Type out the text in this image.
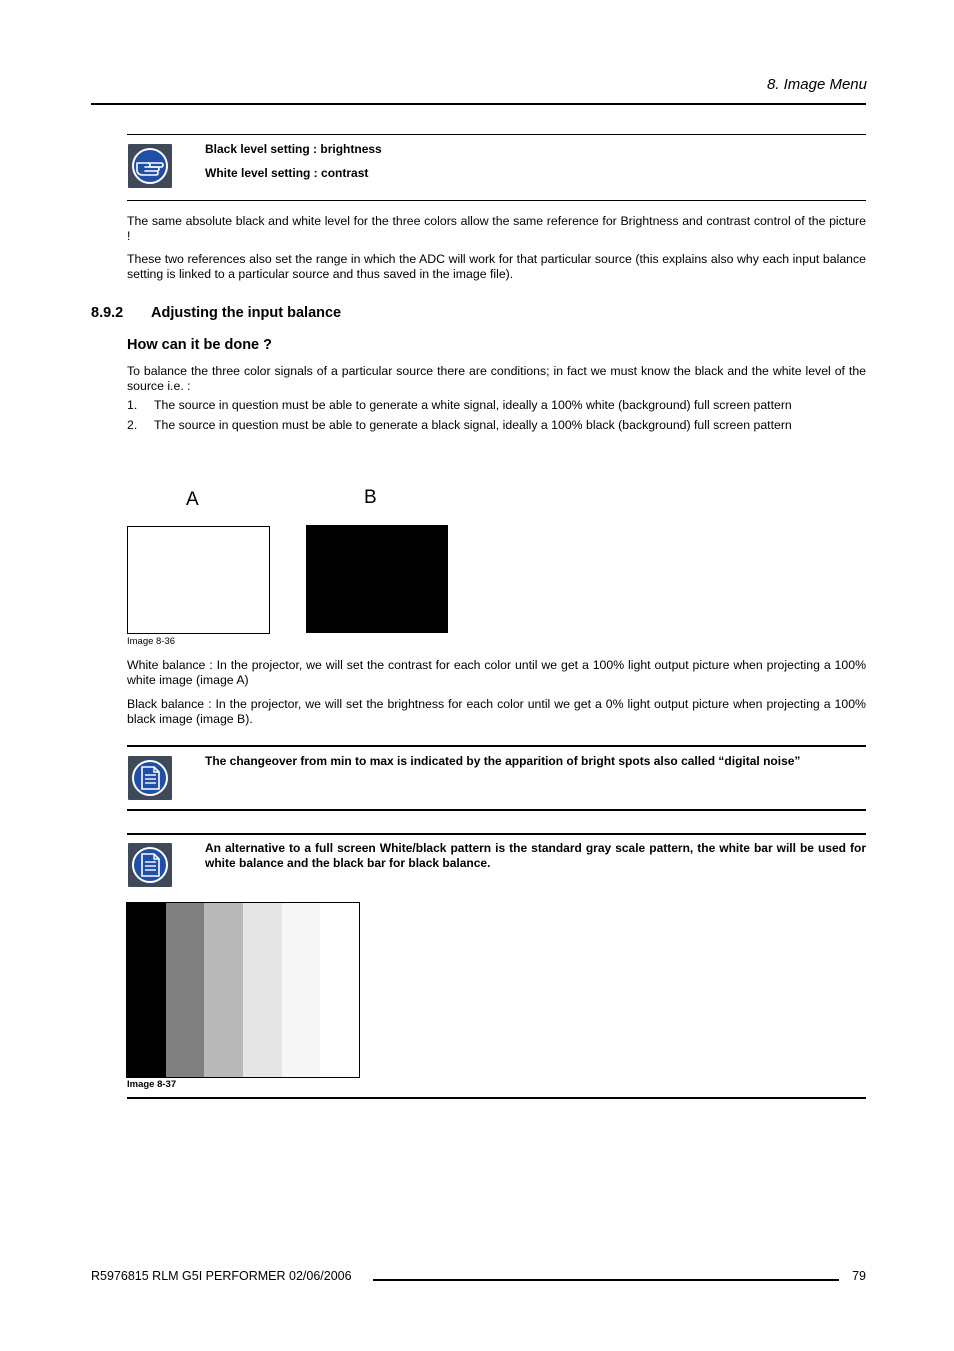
8. Image Menu
Black level setting : brightness
White level setting : contrast
The same absolute black and white level for the three colors allow the same reference for Brightness and contrast control of the picture !
These two references also set the range in which the ADC will work for that particular source (this explains also why each input balance setting is linked to a particular source and thus saved in the image file).
8.9.2 Adjusting the input balance
How can it be done ?
To balance the three color signals of a particular source there are conditions; in fact we must know the black and the white level of the source i.e. :
1. The source in question must be able to generate a white signal, ideally a 100% white (background) full screen pattern
2. The source in question must be able to generate a black signal, ideally a 100% black (background) full screen pattern
A	B
Image 8-36
White balance : In the projector, we will set the contrast for each color until we get a 100% light output picture when projecting a 100% white image (image A)
Black balance : In the projector, we will set the brightness for each color until we get a 0% light output picture when projecting a 100% black image (image B).
The changeover from min to max is indicated by the apparition of bright spots also called “digital noise”
An alternative to a full screen White/black pattern is the standard gray scale pattern, the white bar will be used for white balance and the black bar for black balance.
Image 8-37
R5976815 RLM G5I PERFORMER 02/06/2006	79
